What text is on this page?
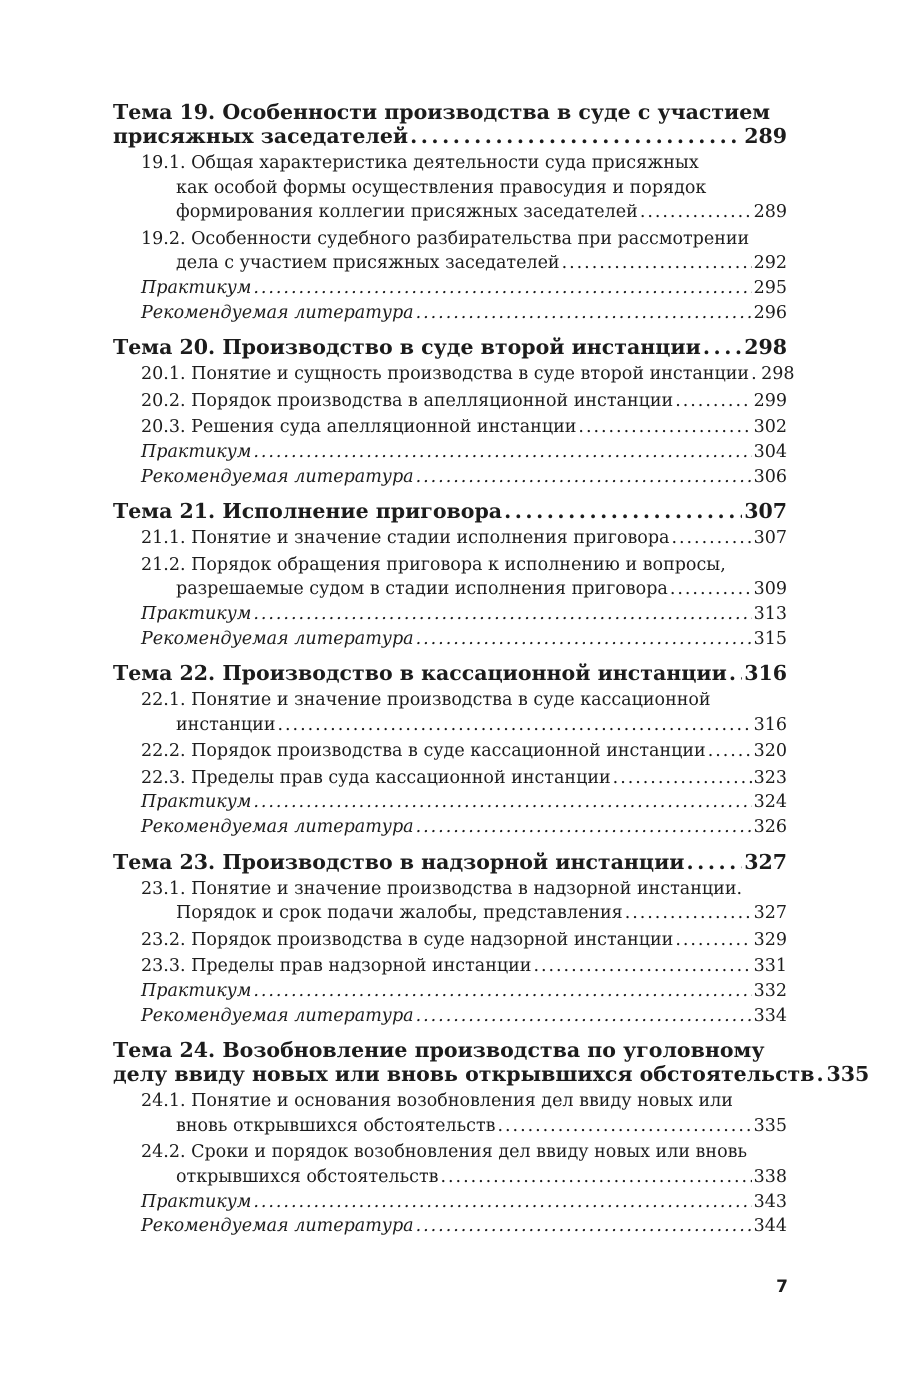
Тема 19. Особенности производства в суде с участием
присяжных заседателей . . .	289
19.1. Общая характеристика деятельности суда присяжных
как особой формы осуществления правосудия и порядок
формирования коллегии присяжных заседателей . . .	289
19.2. Особенности судебного разбирательства при рассмотрении
дела с участием присяжных заседателей . . .	292
Практикум . . .	295
Рекомендуемая литература . . .	296
Тема 20. Производство в суде второй инстанции . . . 298
20.1. Понятие и сущность производства в суде второй инстанции . . . 298
20.2. Порядок производства в апелляционной инстанции . . .	299
20.3. Решения суда апелляционной инстанции . . .	302
Практикум . . .	304
Рекомендуемая литература . . .	306
Тема 21. Исполнение приговора . . .	307
21.1. Понятие и значение стадии исполнения приговора . . .	307
21.2. Порядок обращения приговора к исполнению и вопросы,
разрешаемые судом в стадии исполнения приговора . . .	309
Практикум . . .	313
Рекомендуемая литература . . .	315
Тема 22. Производство в кассационной инстанции . . . 316
22.1. Понятие и значение производства в суде кассационной
инстанции . . .	316
22.2. Порядок производства в суде кассационной инстанции . . .	320
22.3. Пределы прав суда кассационной инстанции . . .	323
Практикум . . .	324
Рекомендуемая литература . . .	326
Тема 23. Производство в надзорной инстанции . . .	327
23.1. Понятие и значение производства в надзорной инстанции.
Порядок и срок подачи жалобы, представления . . .	327
23.2. Порядок производства в суде надзорной инстанции . . .	329
23.3. Пределы прав надзорной инстанции . . .	331
Практикум . . .	332
Рекомендуемая литература . . .	334
Тема 24. Возобновление производства по уголовному
делу ввиду новых или вновь открывшихся обстоятельств . . . 335
24.1. Понятие и основания возобновления дел ввиду новых или
вновь открывшихся обстоятельств . . .	335
24.2. Сроки и порядок возобновления дел ввиду новых или вновь
открывшихся обстоятельств . . .	338
Практикум . . .	343
Рекомендуемая литература . . .	344
7
